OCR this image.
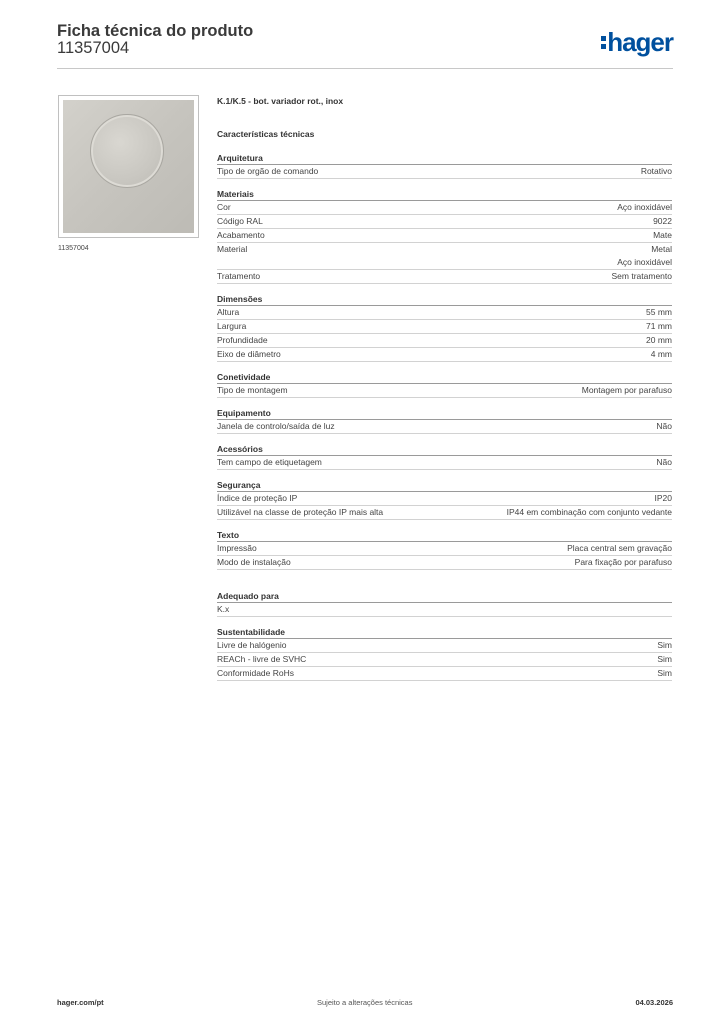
Ficha técnica do produto
11357004	hager
11357004
K.1/K.5 - bot. variador rot., inox
Características técnicas
Arquitetura
Tipo de orgão de comando	Rotativo
Materiais
Cor	Aço inoxidável
Código RAL	9022
Acabamento	Mate
Material	Metal
Aço inoxidável
Tratamento	Sem tratamento
Dimensões
Altura	55 mm
Largura	71 mm
Profundidade	20 mm
Eixo de diâmetro	4 mm
Conetividade
Tipo de montagem	Montagem por parafuso
Equipamento
Janela de controlo/saída de luz	Não
Acessórios
Tem campo de etiquetagem	Não
Segurança
Índice de proteção IP	IP20
Utilizável na classe de proteção IP mais alta	IP44 em combinação com conjunto vedante
Texto
Impressão	Placa central sem gravação
Modo de instalação	Para fixação por parafuso
Adequado para
K.x
Sustentabilidade
Livre de halógenio	Sim
REACh - livre de SVHC	Sim
Conformidade RoHs	Sim
hager.com/pt	Sujeito a alterações técnicas	04.03.2026
